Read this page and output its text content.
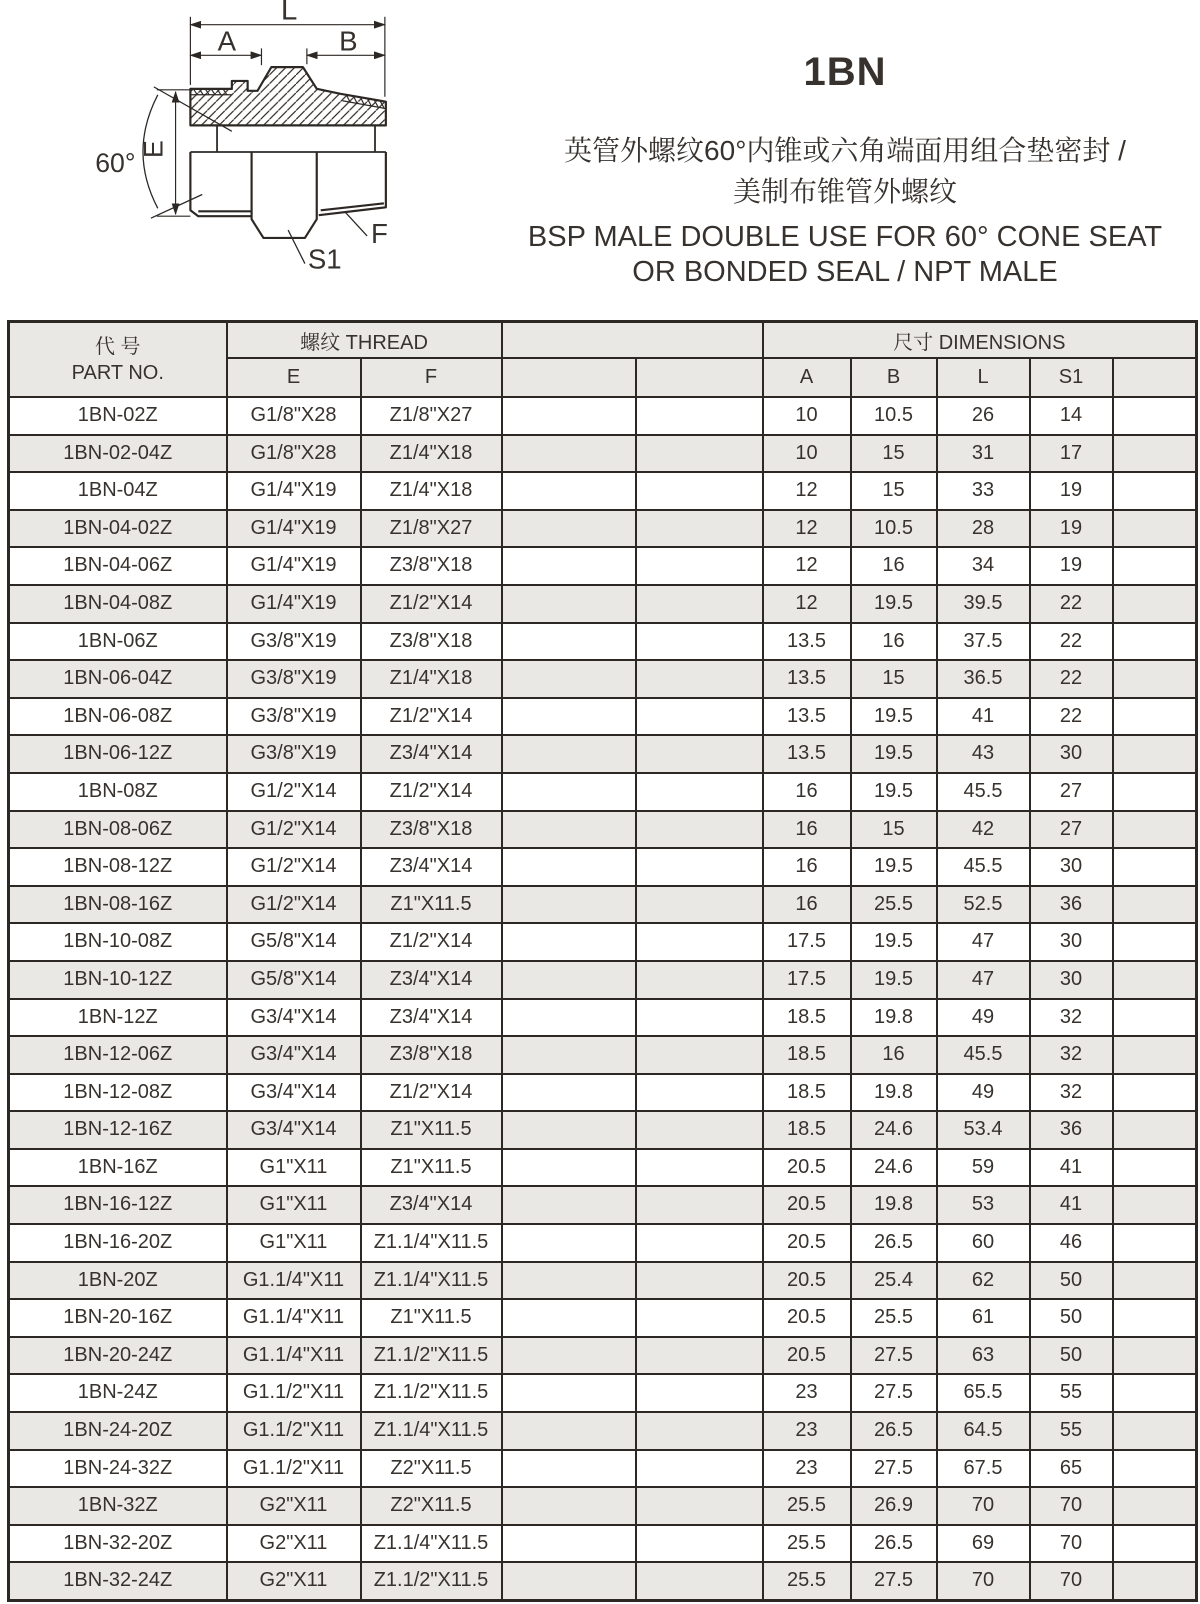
E
60°
L
A	B
F
S1
1BN
英管外螺纹60°内锥或六角端面用组合垫密封 /
美制布锥管外螺纹
BSP MALE DOUBLE USE FOR 60° CONE SEAT
OR BONDED SEAL / NPT MALE
代 号
PART NO.	螺纹 THREAD				尺寸 DIMENSIONS				
	E	F			A	B	L	S1	
1BN-02Z	G1/8"X28	Z1/8"X27			10	10.5	26	14	
1BN-02-04Z	G1/8"X28	Z1/4"X18			10	15	31	17	
1BN-04Z	G1/4"X19	Z1/4"X18			12	15	33	19	
1BN-04-02Z	G1/4"X19	Z1/8"X27			12	10.5	28	19	
1BN-04-06Z	G1/4"X19	Z3/8"X18			12	16	34	19	
1BN-04-08Z	G1/4"X19	Z1/2"X14			12	19.5	39.5	22	
1BN-06Z	G3/8"X19	Z3/8"X18			13.5	16	37.5	22	
1BN-06-04Z	G3/8"X19	Z1/4"X18			13.5	15	36.5	22	
1BN-06-08Z	G3/8"X19	Z1/2"X14			13.5	19.5	41	22	
1BN-06-12Z	G3/8"X19	Z3/4"X14			13.5	19.5	43	30	
1BN-08Z	G1/2"X14	Z1/2"X14			16	19.5	45.5	27	
1BN-08-06Z	G1/2"X14	Z3/8"X18			16	15	42	27	
1BN-08-12Z	G1/2"X14	Z3/4"X14			16	19.5	45.5	30	
1BN-08-16Z	G1/2"X14	Z1"X11.5			16	25.5	52.5	36	
1BN-10-08Z	G5/8"X14	Z1/2"X14			17.5	19.5	47	30	
1BN-10-12Z	G5/8"X14	Z3/4"X14			17.5	19.5	47	30	
1BN-12Z	G3/4"X14	Z3/4"X14			18.5	19.8	49	32	
1BN-12-06Z	G3/4"X14	Z3/8"X18			18.5	16	45.5	32	
1BN-12-08Z	G3/4"X14	Z1/2"X14			18.5	19.8	49	32	
1BN-12-16Z	G3/4"X14	Z1"X11.5			18.5	24.6	53.4	36	
1BN-16Z	G1"X11	Z1"X11.5			20.5	24.6	59	41	
1BN-16-12Z	G1"X11	Z3/4"X14			20.5	19.8	53	41	
1BN-16-20Z	G1"X11	Z1.1/4"X11.5			20.5	26.5	60	46	
1BN-20Z	G1.1/4"X11	Z1.1/4"X11.5			20.5	25.4	62	50	
1BN-20-16Z	G1.1/4"X11	Z1"X11.5			20.5	25.5	61	50	
1BN-20-24Z	G1.1/4"X11	Z1.1/2"X11.5			20.5	27.5	63	50	
1BN-24Z	G1.1/2"X11	Z1.1/2"X11.5			23	27.5	65.5	55	
1BN-24-20Z	G1.1/2"X11	Z1.1/4"X11.5			23	26.5	64.5	55	
1BN-24-32Z	G1.1/2"X11	Z2"X11.5			23	27.5	67.5	65	
1BN-32Z	G2"X11	Z2"X11.5			25.5	26.9	70	70	
1BN-32-20Z	G2"X11	Z1.1/4"X11.5			25.5	26.5	69	70	
1BN-32-24Z	G2"X11	Z1.1/2"X11.5			25.5	27.5	70	70	
